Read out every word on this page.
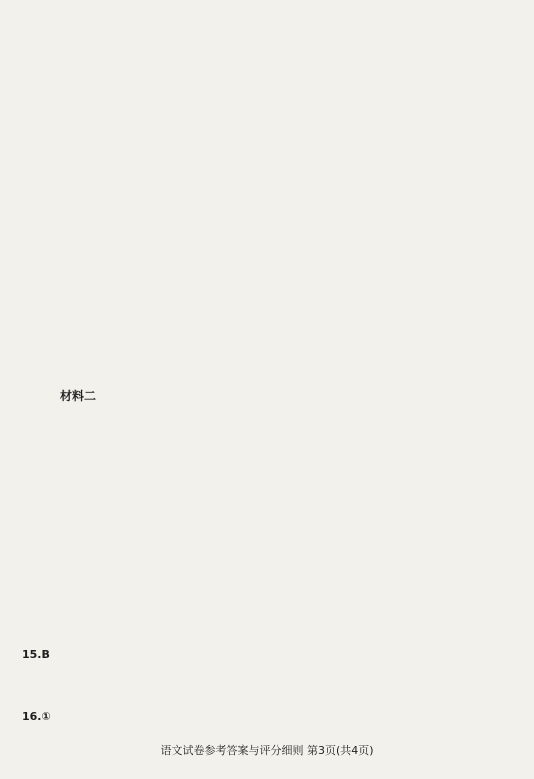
材料二
15.B
16.①
语文试卷参考答案与评分细则 第3页(共4页)
